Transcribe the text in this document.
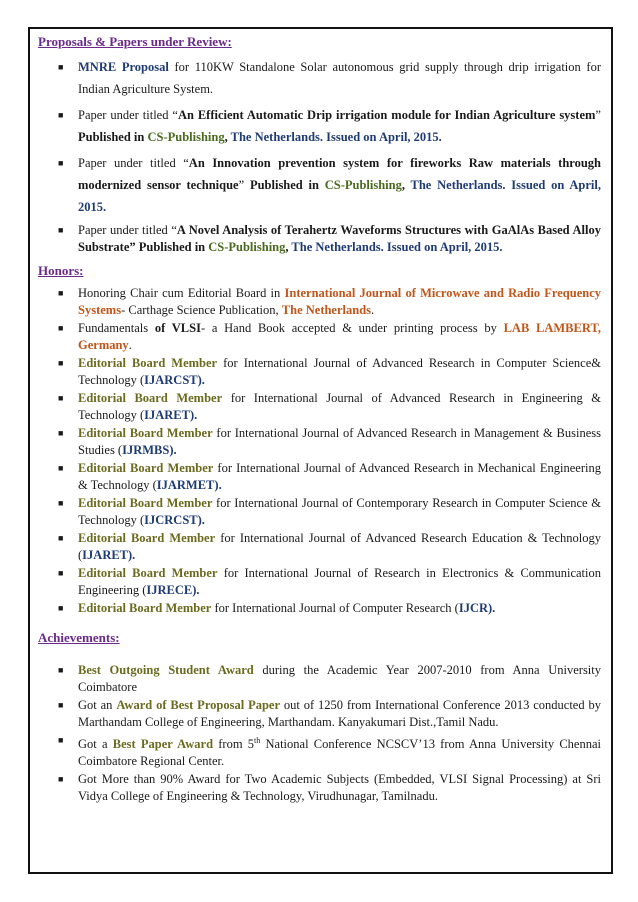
Proposals & Papers under Review:

■ MNRE Proposal for 110KW Standalone Solar autonomous grid supply through drip irrigation for Indian Agriculture System.
■ Paper under titled “An Efficient Automatic Drip irrigation module for Indian Agriculture system” Published in CS-Publishing, The Netherlands. Issued on April, 2015.
■ Paper under titled “An Innovation prevention system for fireworks Raw materials through modernized sensor technique” Published in CS-Publishing, The Netherlands. Issued on April, 2015.
■ Paper under titled “A Novel Analysis of Terahertz Waveforms Structures with GaAlAs Based Alloy Substrate” Published in CS-Publishing, The Netherlands. Issued on April, 2015.

Honors:

■ Honoring Chair cum Editorial Board in International Journal of Microwave and Radio Frequency Systems- Carthage Science Publication, The Netherlands.
■ Fundamentals of VLSI- a Hand Book accepted & under printing process by LAB LAMBERT, Germany.
■ Editorial Board Member for International Journal of Advanced Research in Computer Science& Technology (IJARCST).
■ Editorial Board Member for International Journal of Advanced Research in Engineering & Technology (IJARET).
■ Editorial Board Member for International Journal of Advanced Research in Management & Business Studies (IJRMBS).
■ Editorial Board Member for International Journal of Advanced Research in Mechanical Engineering & Technology (IJARMET).
■ Editorial Board Member for International Journal of Contemporary Research in Computer Science & Technology (IJCRCST).
■ Editorial Board Member for International Journal of Advanced Research Education & Technology (IJARET).
■ Editorial Board Member for International Journal of Research in Electronics & Communication Engineering (IJRECE).
■ Editorial Board Member for International Journal of Computer Research (IJCR).

Achievements:

■ Best Outgoing Student Award during the Academic Year 2007-2010 from Anna University Coimbatore
■ Got an Award of Best Proposal Paper out of 1250 from International Conference 2013 conducted by Marthandam College of Engineering, Marthandam. Kanyakumari Dist.,Tamil Nadu.
■ Got a Best Paper Award from 5th National Conference NCSCV’13 from Anna University Chennai Coimbatore Regional Center.
■ Got More than 90% Award for Two Academic Subjects (Embedded, VLSI Signal Processing) at Sri Vidya College of Engineering & Technology, Virudhunagar, Tamilnadu.
